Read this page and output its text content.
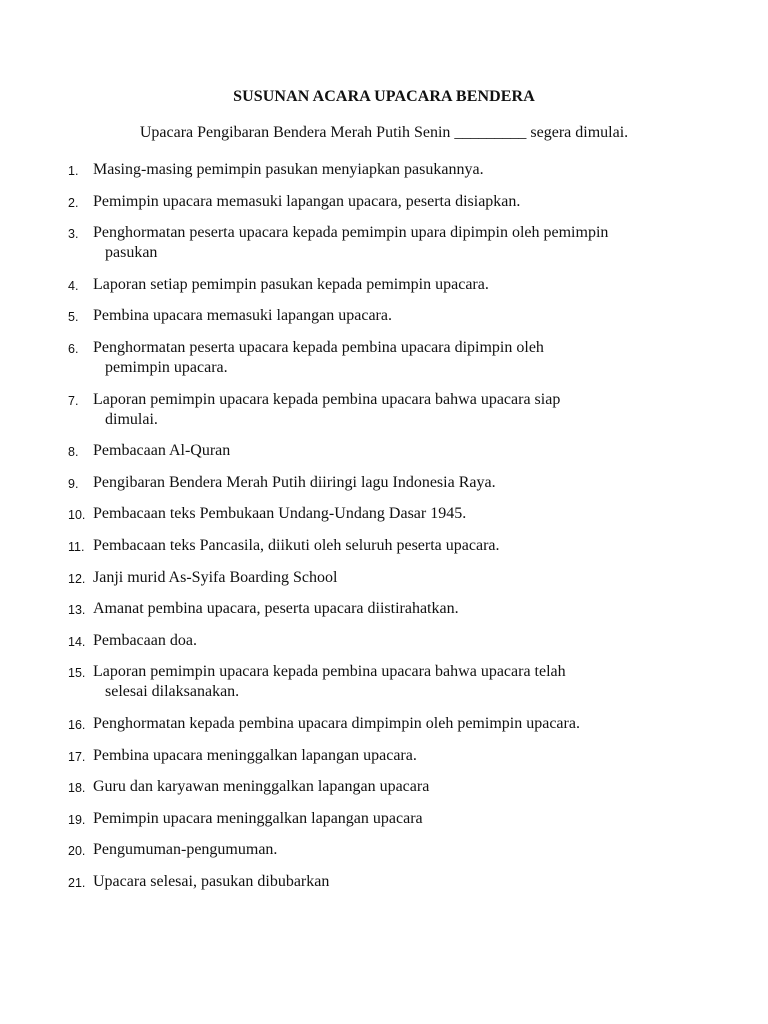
SUSUNAN ACARA UPACARA BENDERA
Upacara Pengibaran Bendera Merah Putih Senin _________ segera dimulai.
1. Masing-masing pemimpin pasukan menyiapkan pasukannya.
2. Pemimpin upacara memasuki lapangan upacara, peserta disiapkan.
3. Penghormatan peserta upacara kepada pemimpin upara dipimpin oleh pemimpin
pasukan
4. Laporan setiap pemimpin pasukan kepada pemimpin upacara.
5. Pembina upacara memasuki lapangan upacara.
6. Penghormatan peserta upacara kepada pembina upacara dipimpin oleh
pemimpin upacara.
7. Laporan pemimpin upacara kepada pembina upacara bahwa upacara siap
dimulai.
8. Pembacaan Al-Quran
9. Pengibaran Bendera Merah Putih diiringi lagu Indonesia Raya.
10. Pembacaan teks Pembukaan Undang-Undang Dasar 1945.
11. Pembacaan teks Pancasila, diikuti oleh seluruh peserta upacara.
12. Janji murid As-Syifa Boarding School
13. Amanat pembina upacara, peserta upacara diistirahatkan.
14. Pembacaan doa.
15. Laporan pemimpin upacara kepada pembina upacara bahwa upacara telah
selesai dilaksanakan.
16. Penghormatan kepada pembina upacara dimpimpin oleh pemimpin upacara.
17. Pembina upacara meninggalkan lapangan upacara.
18. Guru dan karyawan meninggalkan lapangan upacara
19. Pemimpin upacara meninggalkan lapangan upacara
20. Pengumuman-pengumuman.
21. Upacara selesai, pasukan dibubarkan
